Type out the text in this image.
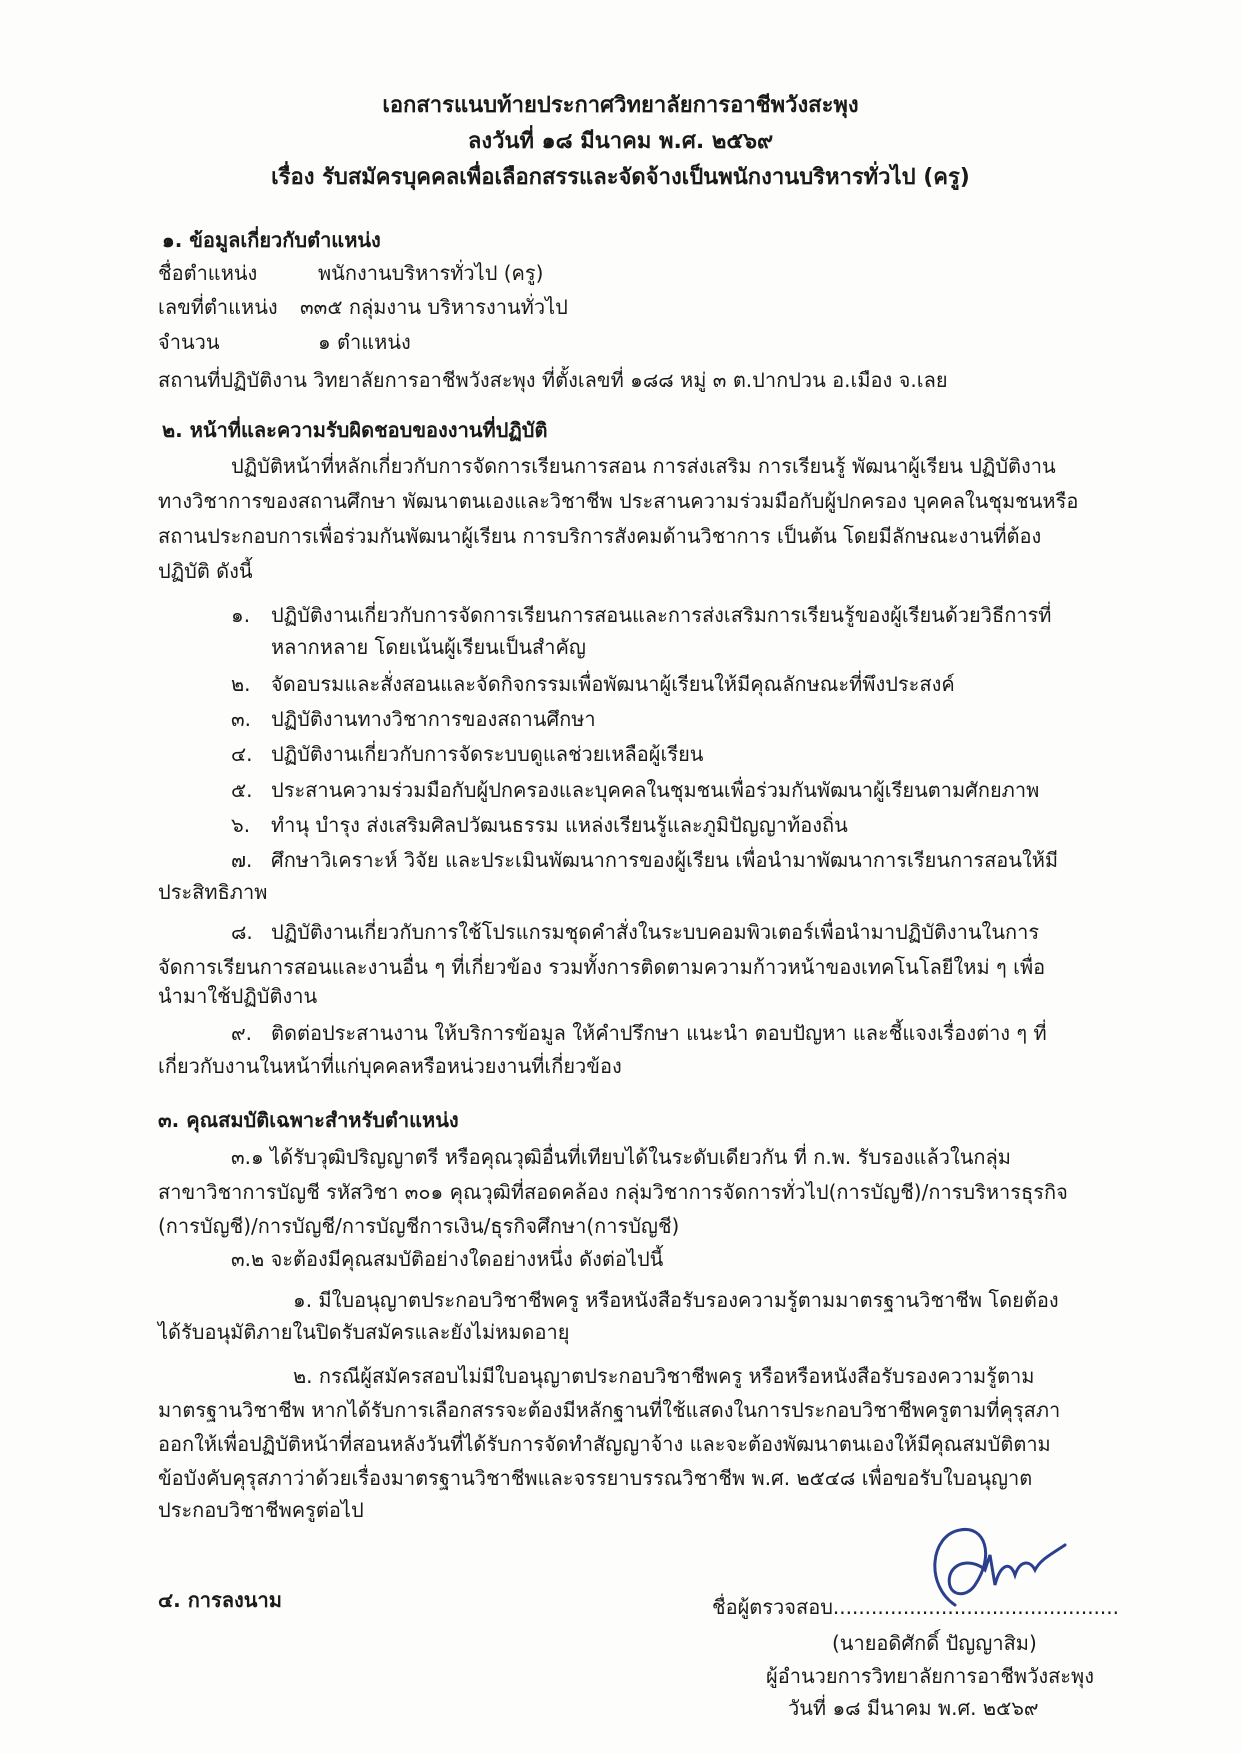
เอกสารแนบท้ายประกาศวิทยาลัยการอาชีพวังสะพุง
ลงวันที่ ๑๘ มีนาคม พ.ศ. ๒๕๖๙
เรื่อง รับสมัครบุคคลเพื่อเลือกสรรและจัดจ้างเป็นพนักงานบริหารทั่วไป (ครู)
๑. ข้อมูลเกี่ยวกับตำแหน่ง
ชื่อตำแหน่ง	พนักงานบริหารทั่วไป (ครู)
เลขที่ตำแหน่ง ๓๓๕ กลุ่มงาน บริหารงานทั่วไป
จำนวน	๑ ตำแหน่ง
สถานที่ปฏิบัติงาน วิทยาลัยการอาชีพวังสะพุง ที่ตั้งเลขที่ ๑๘๘ หมู่ ๓ ต.ปากปวน อ.เมือง จ.เลย
๒. หน้าที่และความรับผิดชอบของงานที่ปฏิบัติ
ปฏิบัติหน้าที่หลักเกี่ยวกับการจัดการเรียนการสอน การส่งเสริม การเรียนรู้ พัฒนาผู้เรียน ปฏิบัติงาน
ทางวิชาการของสถานศึกษา พัฒนาตนเองและวิชาชีพ ประสานความร่วมมือกับผู้ปกครอง บุคคลในชุมชนหรือ
สถานประกอบการเพื่อร่วมกันพัฒนาผู้เรียน การบริการสังคมด้านวิชาการ เป็นต้น โดยมีลักษณะงานที่ต้อง
ปฏิบัติ ดังนี้
๑. ปฏิบัติงานเกี่ยวกับการจัดการเรียนการสอนและการส่งเสริมการเรียนรู้ของผู้เรียนด้วยวิธีการที่
หลากหลาย โดยเน้นผู้เรียนเป็นสำคัญ
๒. จัดอบรมและสั่งสอนและจัดกิจกรรมเพื่อพัฒนาผู้เรียนให้มีคุณลักษณะที่พึงประสงค์
๓. ปฏิบัติงานทางวิชาการของสถานศึกษา
๔. ปฏิบัติงานเกี่ยวกับการจัดระบบดูแลช่วยเหลือผู้เรียน
๕. ประสานความร่วมมือกับผู้ปกครองและบุคคลในชุมชนเพื่อร่วมกันพัฒนาผู้เรียนตามศักยภาพ
๖. ทำนุ บำรุง ส่งเสริมศิลปวัฒนธรรม แหล่งเรียนรู้และภูมิปัญญาท้องถิ่น
๗. ศึกษาวิเคราะห์ วิจัย และประเมินพัฒนาการของผู้เรียน เพื่อนำมาพัฒนาการเรียนการสอนให้มี
ประสิทธิภาพ
๘. ปฏิบัติงานเกี่ยวกับการใช้โปรแกรมชุดคำสั่งในระบบคอมพิวเตอร์เพื่อนำมาปฏิบัติงานในการ
จัดการเรียนการสอนและงานอื่น ๆ ที่เกี่ยวข้อง รวมทั้งการติดตามความก้าวหน้าของเทคโนโลยีใหม่ ๆ เพื่อ
นำมาใช้ปฏิบัติงาน
๙. ติดต่อประสานงาน ให้บริการข้อมูล ให้คำปรึกษา แนะนำ ตอบปัญหา และชี้แจงเรื่องต่าง ๆ ที่
เกี่ยวกับงานในหน้าที่แก่บุคคลหรือหน่วยงานที่เกี่ยวข้อง
๓. คุณสมบัติเฉพาะสำหรับตำแหน่ง
๓.๑ ได้รับวุฒิปริญญาตรี หรือคุณวุฒิอื่นที่เทียบได้ในระดับเดียวกัน ที่ ก.พ. รับรองแล้วในกลุ่ม
สาขาวิชาการบัญชี รหัสวิชา ๓๐๑ คุณวุฒิที่สอดคล้อง กลุ่มวิชาการจัดการทั่วไป(การบัญชี)/การบริหารธุรกิจ
(การบัญชี)/การบัญชี/การบัญชีการเงิน/ธุรกิจศึกษา(การบัญชี)
๓.๒ จะต้องมีคุณสมบัติอย่างใดอย่างหนึ่ง ดังต่อไปนี้
๑. มีใบอนุญาตประกอบวิชาชีพครู หรือหนังสือรับรองความรู้ตามมาตรฐานวิชาชีพ โดยต้อง
ได้รับอนุมัติภายในปิดรับสมัครและยังไม่หมดอายุ
๒. กรณีผู้สมัครสอบไม่มีใบอนุญาตประกอบวิชาชีพครู หรือหรือหนังสือรับรองความรู้ตาม
มาตรฐานวิชาชีพ หากได้รับการเลือกสรรจะต้องมีหลักฐานที่ใช้แสดงในการประกอบวิชาชีพครูตามที่คุรุสภา
ออกให้เพื่อปฏิบัติหน้าที่สอนหลังวันที่ได้รับการจัดทำสัญญาจ้าง และจะต้องพัฒนาตนเองให้มีคุณสมบัติตาม
ข้อบังคับคุรุสภาว่าด้วยเรื่องมาตรฐานวิชาชีพและจรรยาบรรณวิชาชีพ พ.ศ. ๒๕๔๘ เพื่อขอรับใบอนุญาต
ประกอบวิชาชีพครูต่อไป
๔. การลงนาม	ชื่อผู้ตรวจสอบ.............................................
(นายอดิศักดิ์ ปัญญาสิม)
ผู้อำนวยการวิทยาลัยการอาชีพวังสะพุง
วันที่ ๑๘ มีนาคม พ.ศ. ๒๕๖๙
